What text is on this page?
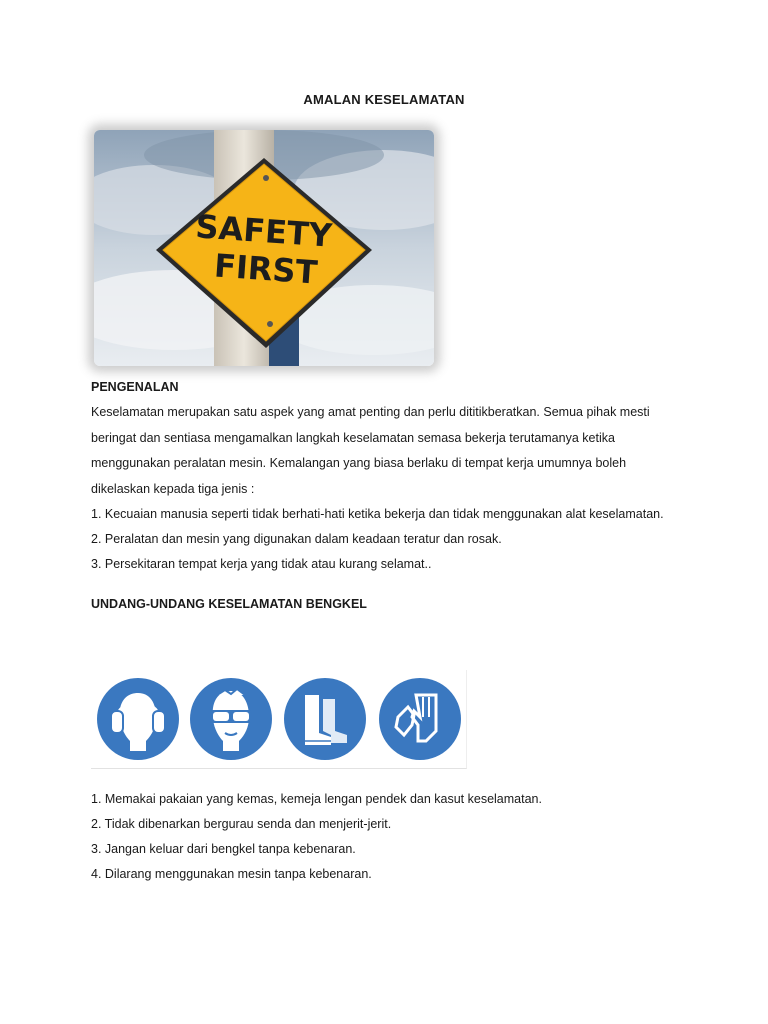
AMALAN KESELAMATAN
SAFETY
FIRST
PENGENALAN
Keselamatan merupakan satu aspek yang amat penting dan perlu dititikberatkan. Semua pihak mesti
beringat dan sentiasa mengamalkan langkah keselamatan semasa bekerja terutamanya ketika
menggunakan peralatan mesin. Kemalangan yang biasa berlaku di tempat kerja umumnya boleh
dikelaskan kepada tiga jenis :
1. Kecuaian manusia seperti tidak berhati-hati ketika bekerja dan tidak menggunakan alat keselamatan.
2. Peralatan dan mesin yang digunakan dalam keadaan teratur dan rosak.
3. Persekitaran tempat kerja yang tidak atau kurang selamat..
UNDANG-UNDANG KESELAMATAN BENGKEL
1. Memakai pakaian yang kemas, kemeja lengan pendek dan kasut keselamatan.
2. Tidak dibenarkan bergurau senda dan menjerit-jerit.
3. Jangan keluar dari bengkel tanpa kebenaran.
4. Dilarang menggunakan mesin tanpa kebenaran.
